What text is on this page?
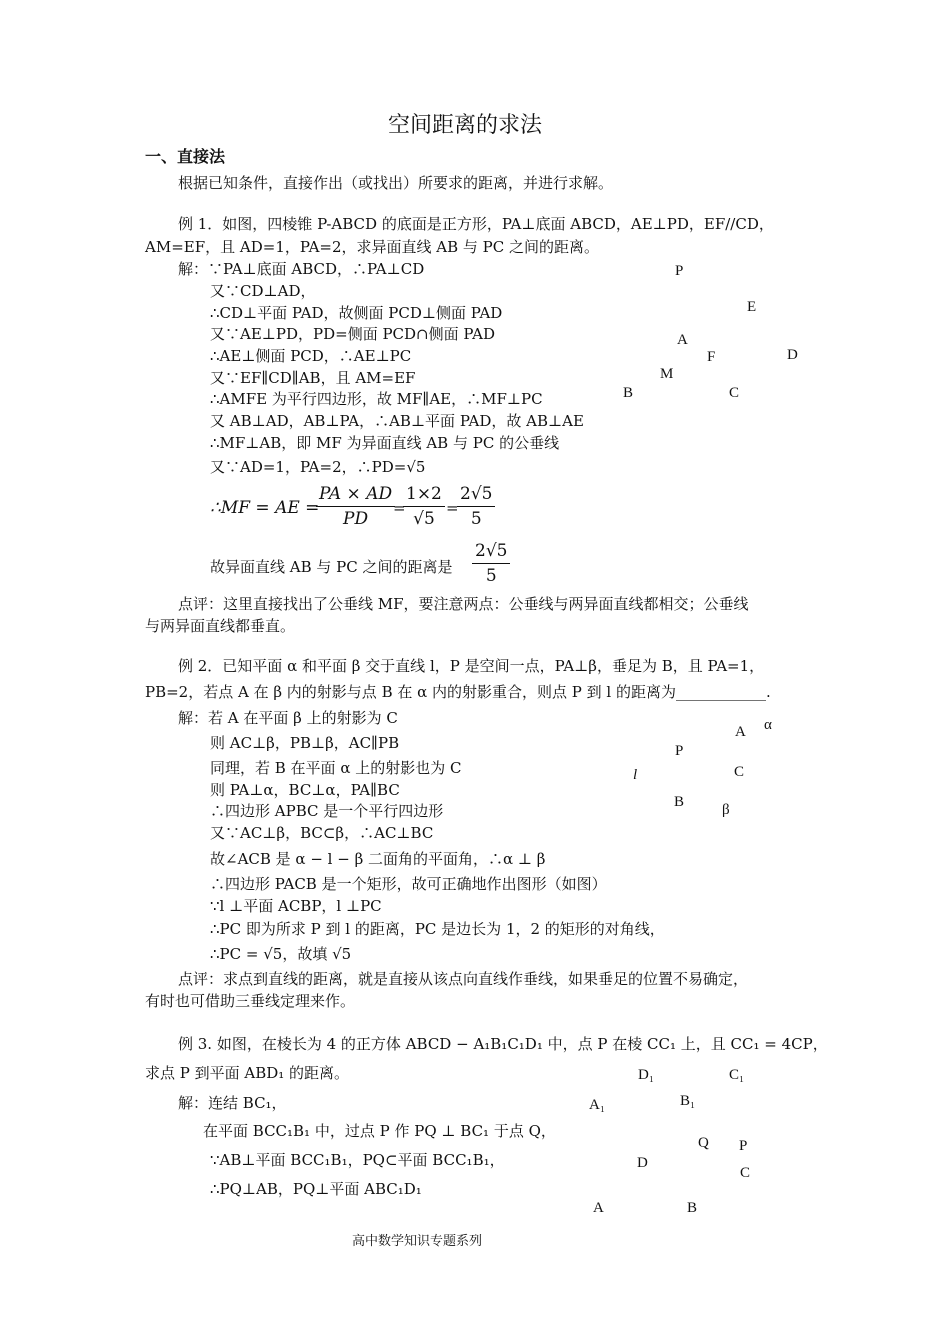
空间距离的求法
一、直接法
根据已知条件，直接作出（或找出）所要求的距离，并进行求解。
例 1．如图，四棱锥 P-ABCD 的底面是正方形，PA⊥底面 ABCD，AE⊥PD，EF//CD，
AM=EF，且 AD=1，PA=2，求异面直线 AB 与 PC 之间的距离。
解：∵PA⊥底面 ABCD，∴PA⊥CD
又∵CD⊥AD，
∴CD⊥平面 PAD，故侧面 PCD⊥侧面 PAD
又∵AE⊥PD，PD=侧面 PCD∩侧面 PAD
∴AE⊥侧面 PCD，∴AE⊥PC
又∵EF∥CD∥AB，且 AM=EF
∴AMFE 为平行四边形，故 MF∥AE，∴MF⊥PC
又 AB⊥AD，AB⊥PA，∴AB⊥平面 PAD，故 AB⊥AE
∴MF⊥AB，即 MF 为异面直线 AB 与 PC 的公垂线
又∵AD=1，PA=2，∴PD=√5
∴MF = AE =
$\frac{PA \times AD}{PD}$
=
$\frac{1\times 2}{√5}$ =
$\frac{2√5}{5}$
故异面直线 AB 与 PC 之间的距离是 $\frac{2√5}{5}$
点评：这里直接找出了公垂线 MF，要注意两点：公垂线与两异面直线都相交；公垂线
与两异面直线都垂直。
P
E
A
F	D
M
B	C
例 2．已知平面 α 和平面 β 交于直线 l，P 是空间一点，PA⊥β，垂足为 B，且 PA=1，
PB=2，若点 A 在 β 内的射影与点 B 在 α 内的射影重合，则点 P 到 l 的距离为____________.
解：若 A 在平面 β 上的射影为 C
则 AC⊥β，PB⊥β，AC∥PB
同理，若 B 在平面 α 上的射影也为 C
则 PA⊥α，BC⊥α，PA∥BC
∴四边形 APBC 是一个平行四边形
又∵AC⊥β，BC⊂β，∴AC⊥BC
故∠ACB 是 α − l − β 二面角的平面角，∴α ⊥ β
∴四边形 PACB 是一个矩形，故可正确地作出图形（如图）
∵l ⊥平面 ACBP，l ⊥PC
∴PC 即为所求 P 到 l 的距离，PC 是边长为 1，2 的矩形的对角线，
∴PC = √5，故填 √5
点评：求点到直线的距离，就是直接从该点向直线作垂线，如果垂足的位置不易确定，
有时也可借助三垂线定理来作。
A α
P
l	C
B	β
例 3. 如图，在棱长为 4 的正方体 ABCD − A₁B₁C₁D₁ 中，点 P 在棱 CC₁ 上，且 CC₁ = 4CP，
求点 P 到平面 ABD₁ 的距离。
解：连结 BC₁，
在平面 BCC₁B₁ 中，过点 P 作 PQ ⊥ BC₁ 于点 Q，
∵AB⊥平面 BCC₁B₁，PQ⊂平面 BCC₁B₁，
∴PQ⊥AB，PQ⊥平面 ABC₁D₁
D₁	C₁
A₁	B₁
Q P
D
C
A	B
高中数学知识专题系列
